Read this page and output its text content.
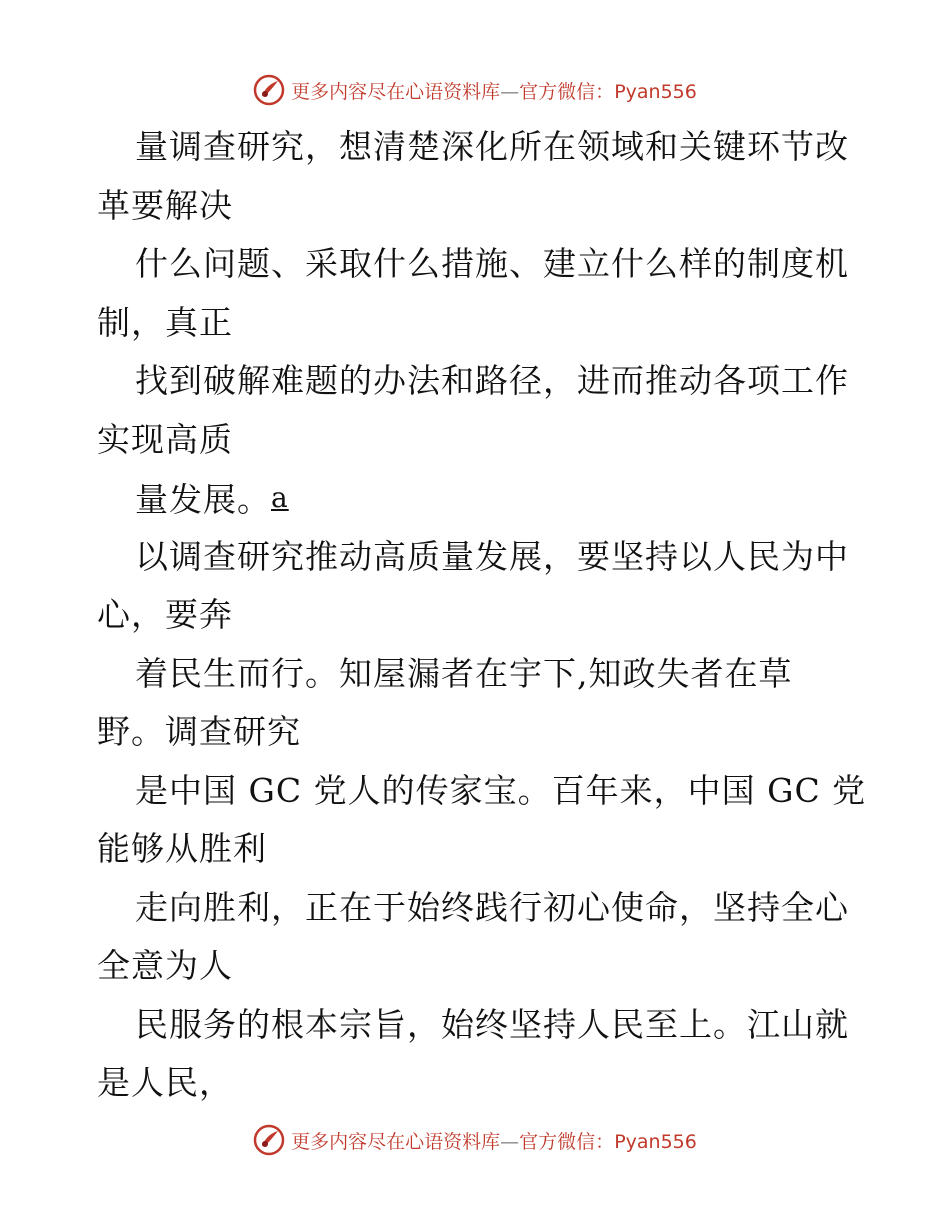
更多内容尽在心语资料库—官方微信：Pyan556
量调查研究，想清楚深化所在领域和关键环节改
革要解决
什么问题、采取什么措施、建立什么样的制度机
制，真正
找到破解难题的办法和路径，进而推动各项工作
实现高质
量发展。a
以调查研究推动高质量发展，要坚持以人民为中
心，要奔
着民生而行。知屋漏者在宇下,知政失者在草
野。调查研究
是中国 GC 党人的传家宝。百年来，中国 GC 党
能够从胜利
走向胜利，正在于始终践行初心使命，坚持全心
全意为人
民服务的根本宗旨，始终坚持人民至上。江山就
是人民，
更多内容尽在心语资料库—官方微信：Pyan556
